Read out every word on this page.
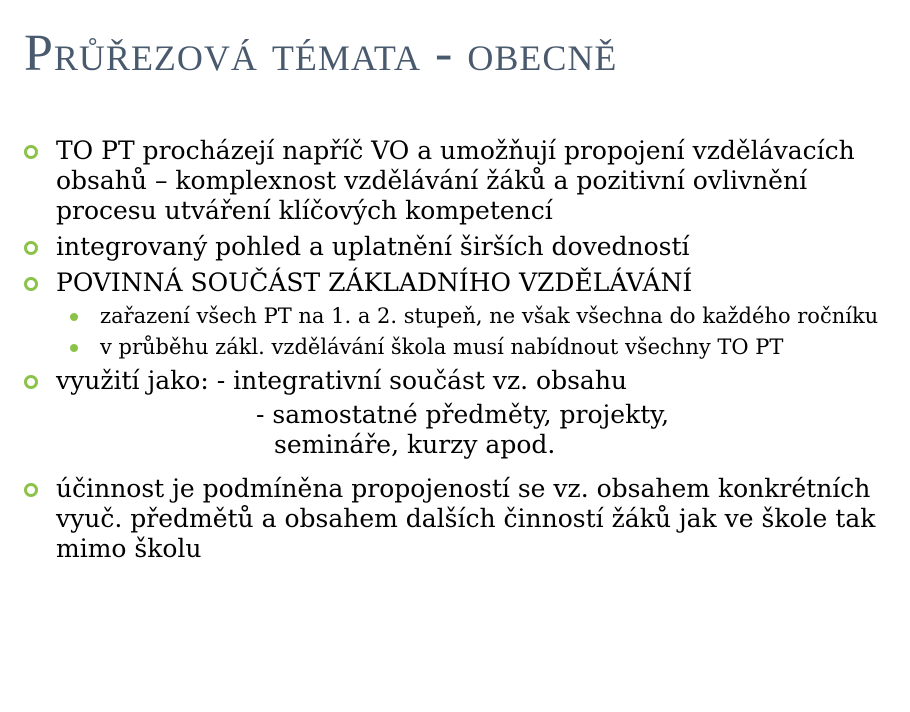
Průřezová témata - obecně
TO PT procházejí napříč VO a umožňují propojení vzdělávacích obsahů – komplexnost vzdělávání žáků a pozitivní ovlivnění procesu utváření klíčových kompetencí
integrovaný pohled a uplatnění širších dovedností
POVINNÁ SOUČÁST ZÁKLADNÍHO VZDĚLÁVÁNÍ
zařazení všech PT na 1. a 2. stupeň, ne však všechna do každého ročníku
v průběhu zákl. vzdělávání škola musí nabídnout všechny TO PT
využití jako: - integrativní součást vz. obsahu
- samostatné předměty, projekty,
semináře, kurzy apod.
účinnost je podmíněna propojeností se vz. obsahem konkrétních vyuč. předmětů a obsahem dalších činností žáků jak ve škole tak mimo školu
